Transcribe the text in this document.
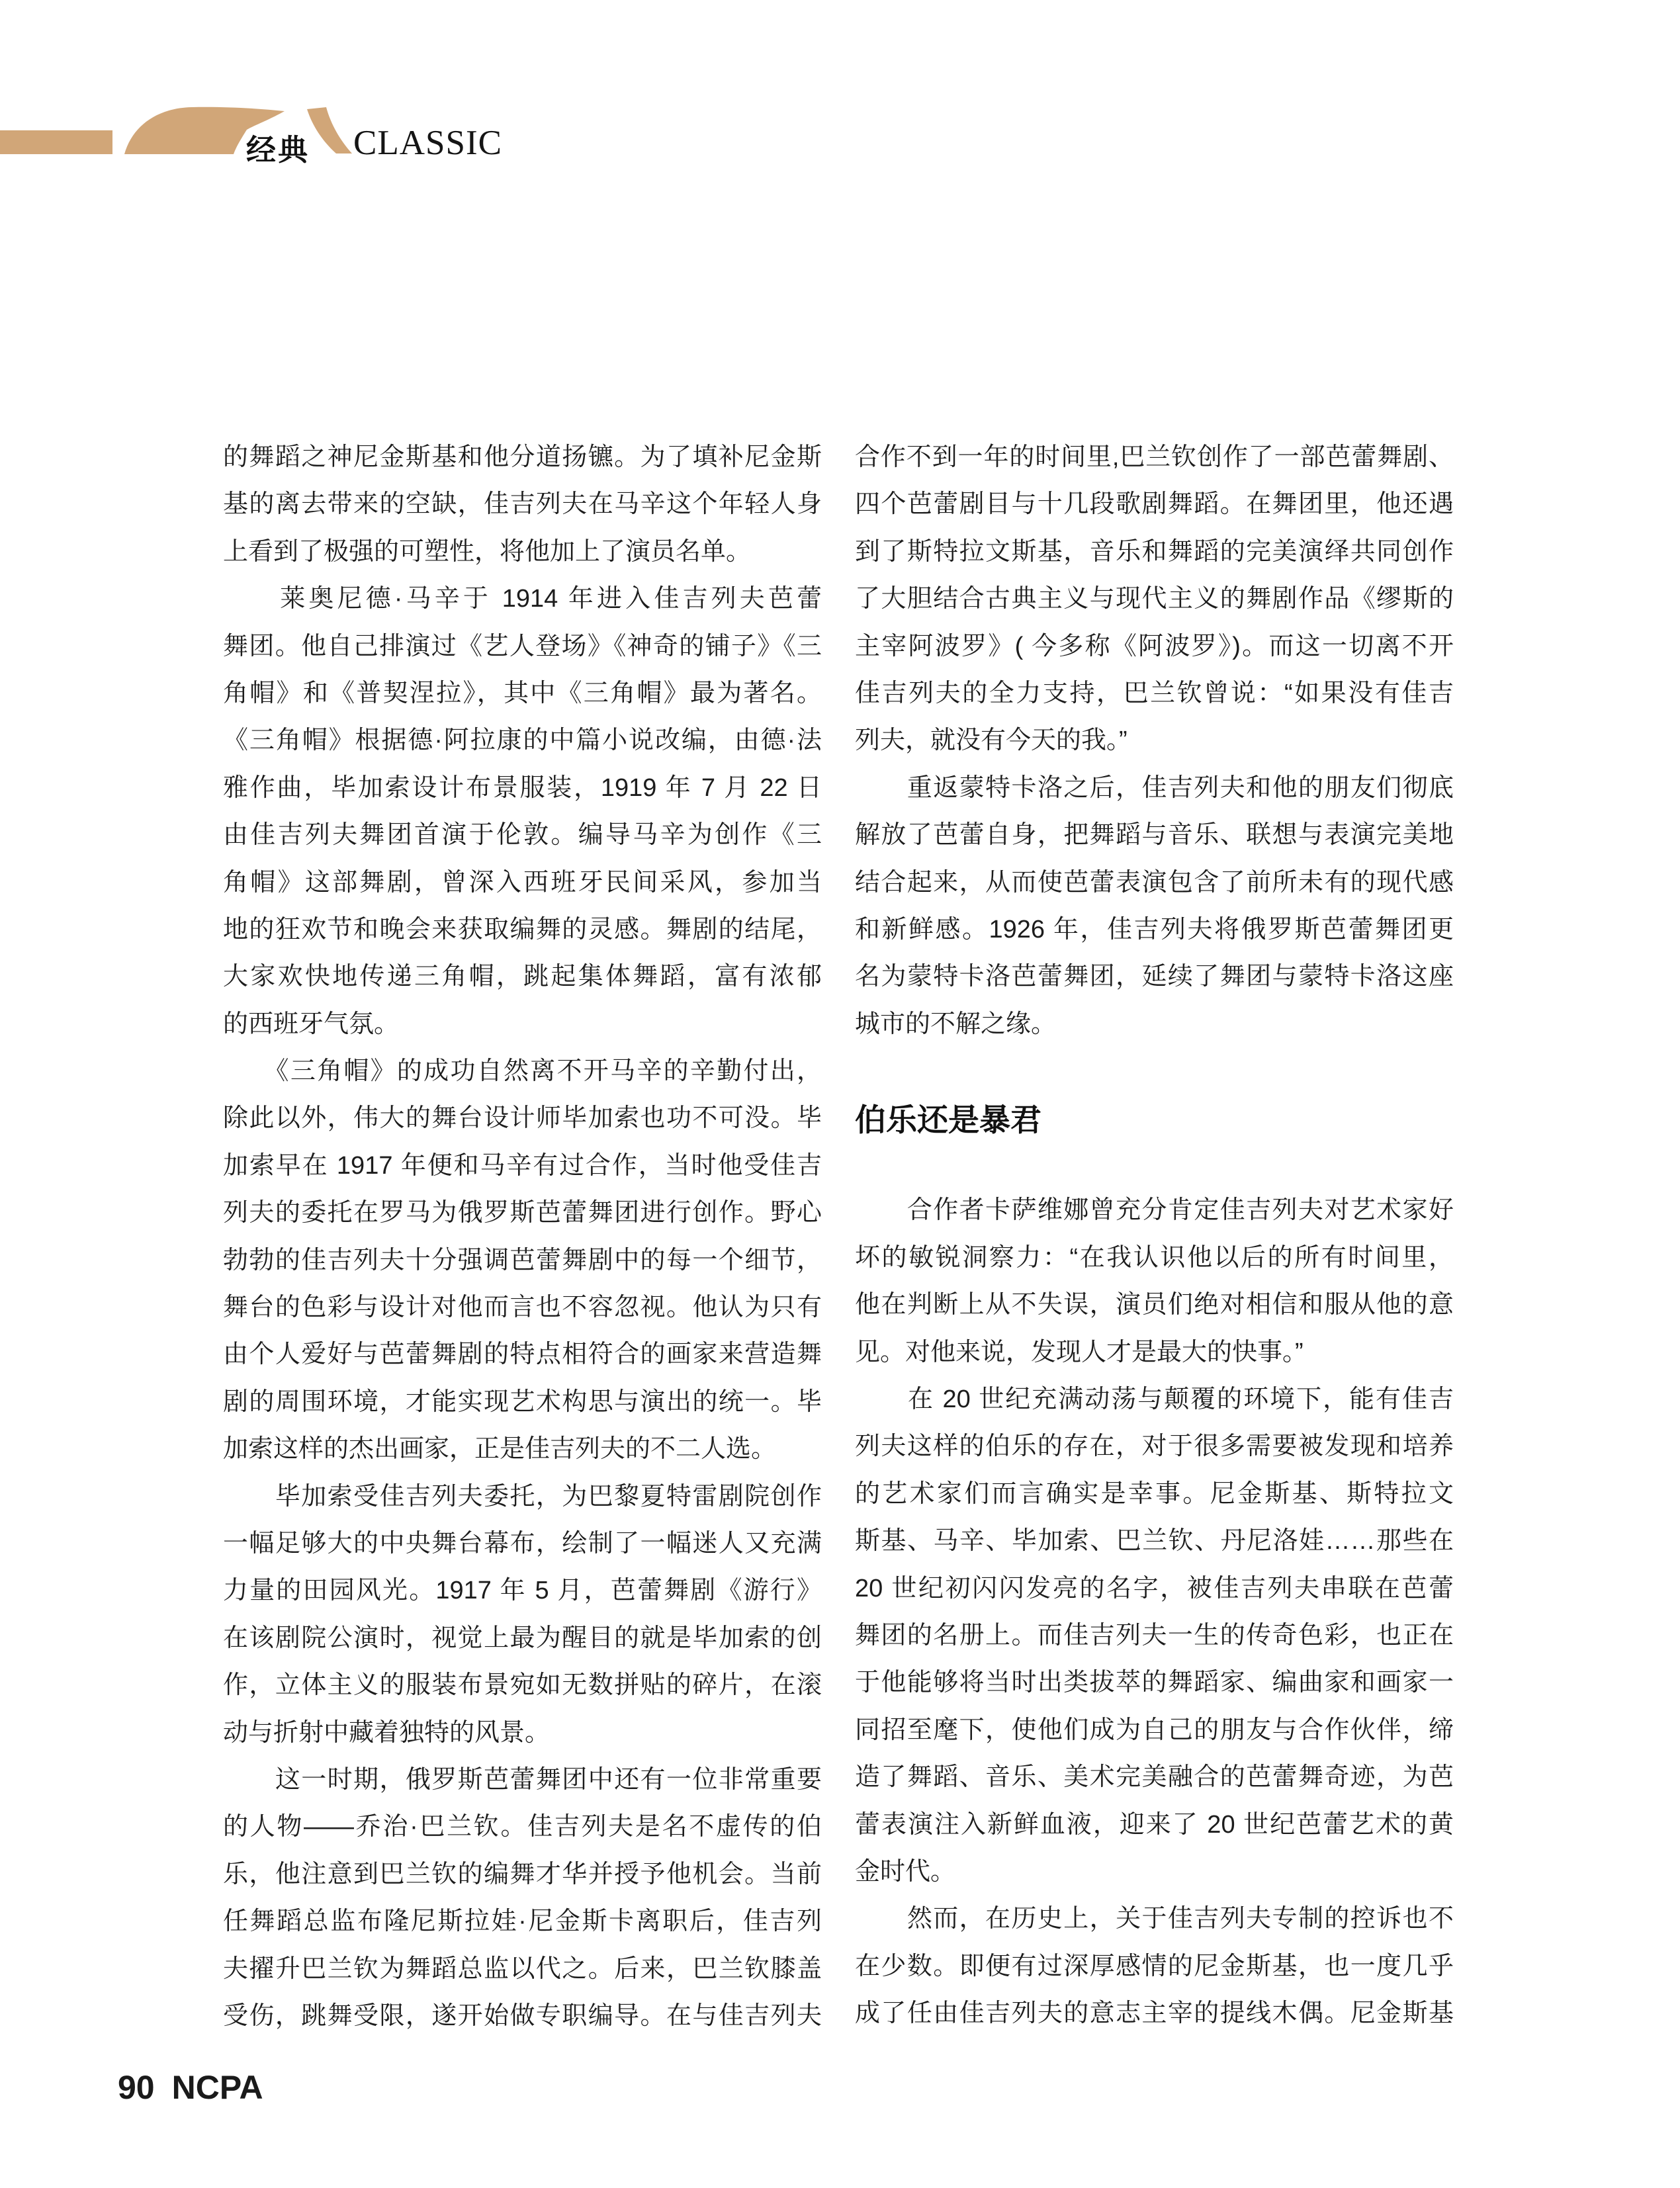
经典 CLASSIC
的舞蹈之神尼金斯基和他分道扬镳。为了填补尼金斯
基的离去带来的空缺，佳吉列夫在马辛这个年轻人身
上看到了极强的可塑性，将他加上了演员名单。
　　莱奥尼德·马辛于 1914 年进入佳吉列夫芭蕾
舞团。他自己排演过《艺人登场》《神奇的铺子》《三
角帽》和《普契涅拉》，其中《三角帽》最为著名。
《三角帽》根据德·阿拉康的中篇小说改编，由德·法
雅作曲，毕加索设计布景服装，1919 年 7 月 22 日
由佳吉列夫舞团首演于伦敦。编导马辛为创作《三
角帽》这部舞剧，曾深入西班牙民间采风，参加当
地的狂欢节和晚会来获取编舞的灵感。舞剧的结尾，
大家欢快地传递三角帽，跳起集体舞蹈，富有浓郁
的西班牙气氛。
　　《三角帽》的成功自然离不开马辛的辛勤付出，
除此以外，伟大的舞台设计师毕加索也功不可没。毕
加索早在 1917 年便和马辛有过合作，当时他受佳吉
列夫的委托在罗马为俄罗斯芭蕾舞团进行创作。野心
勃勃的佳吉列夫十分强调芭蕾舞剧中的每一个细节，
舞台的色彩与设计对他而言也不容忽视。他认为只有
由个人爱好与芭蕾舞剧的特点相符合的画家来营造舞
剧的周围环境，才能实现艺术构思与演出的统一。毕
加索这样的杰出画家，正是佳吉列夫的不二人选。
　　毕加索受佳吉列夫委托，为巴黎夏特雷剧院创作
一幅足够大的中央舞台幕布，绘制了一幅迷人又充满
力量的田园风光。1917 年 5 月，芭蕾舞剧《游行》
在该剧院公演时，视觉上最为醒目的就是毕加索的创
作，立体主义的服装布景宛如无数拼贴的碎片，在滚
动与折射中藏着独特的风景。
　　这一时期，俄罗斯芭蕾舞团中还有一位非常重要
的人物——乔治·巴兰钦。佳吉列夫是名不虚传的伯
乐，他注意到巴兰钦的编舞才华并授予他机会。当前
任舞蹈总监布隆尼斯拉娃·尼金斯卡离职后，佳吉列
夫擢升巴兰钦为舞蹈总监以代之。后来，巴兰钦膝盖
受伤，跳舞受限，遂开始做专职编导。在与佳吉列夫
合作不到一年的时间里,巴兰钦创作了一部芭蕾舞剧、
四个芭蕾剧目与十几段歌剧舞蹈。在舞团里，他还遇
到了斯特拉文斯基，音乐和舞蹈的完美演绎共同创作
了大胆结合古典主义与现代主义的舞剧作品《缪斯的
主宰阿波罗》( 今多称《阿波罗》)。而这一切离不开
佳吉列夫的全力支持，巴兰钦曾说：“如果没有佳吉
列夫，就没有今天的我。”
　　重返蒙特卡洛之后，佳吉列夫和他的朋友们彻底
解放了芭蕾自身，把舞蹈与音乐、联想与表演完美地
结合起来，从而使芭蕾表演包含了前所未有的现代感
和新鲜感。1926 年，佳吉列夫将俄罗斯芭蕾舞团更
名为蒙特卡洛芭蕾舞团，延续了舞团与蒙特卡洛这座
城市的不解之缘。
伯乐还是暴君
　　合作者卡萨维娜曾充分肯定佳吉列夫对艺术家好
坏的敏锐洞察力：“在我认识他以后的所有时间里，
他在判断上从不失误，演员们绝对相信和服从他的意
见。对他来说，发现人才是最大的快事。”
　　在 20 世纪充满动荡与颠覆的环境下，能有佳吉
列夫这样的伯乐的存在，对于很多需要被发现和培养
的艺术家们而言确实是幸事。尼金斯基、斯特拉文
斯基、马辛、毕加索、巴兰钦、丹尼洛娃……那些在
20 世纪初闪闪发亮的名字，被佳吉列夫串联在芭蕾
舞团的名册上。而佳吉列夫一生的传奇色彩，也正在
于他能够将当时出类拔萃的舞蹈家、编曲家和画家一
同招至麾下，使他们成为自己的朋友与合作伙伴，缔
造了舞蹈、音乐、美术完美融合的芭蕾舞奇迹，为芭
蕾表演注入新鲜血液，迎来了 20 世纪芭蕾艺术的黄
金时代。
　　然而，在历史上，关于佳吉列夫专制的控诉也不
在少数。即便有过深厚感情的尼金斯基，也一度几乎
成了任由佳吉列夫的意志主宰的提线木偶。尼金斯基
90 NCPA
